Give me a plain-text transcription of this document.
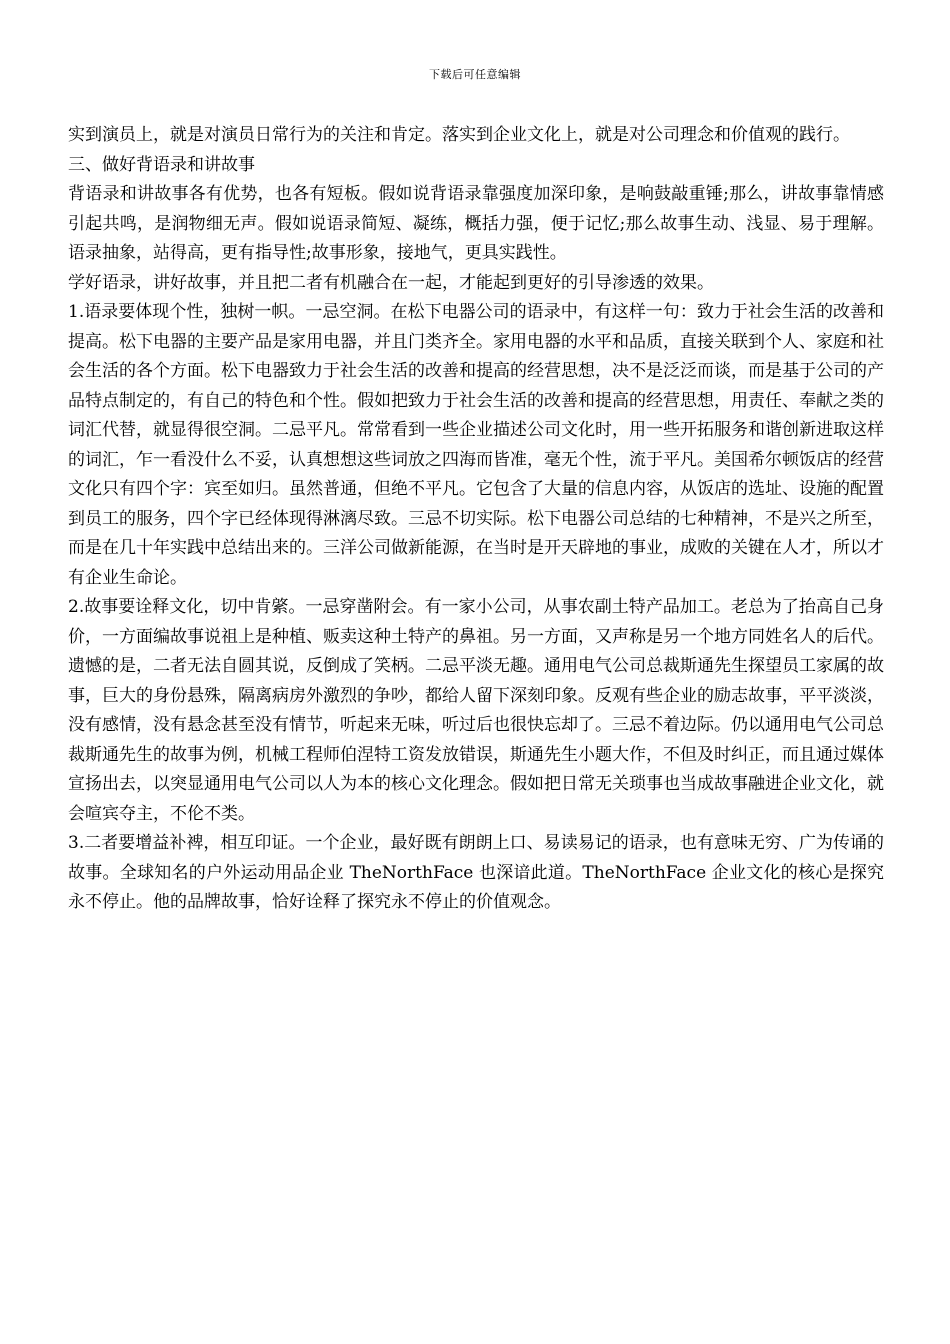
下载后可任意编辑

实到演员上，就是对演员日常行为的关注和肯定。落实到企业文化上，就是对公司理念和价值观的践行。

三、做好背语录和讲故事

背语录和讲故事各有优势，也各有短板。假如说背语录靠强度加深印象，是响鼓敲重锤;那么，讲故事靠情感引起共鸣，是润物细无声。假如说语录简短、凝练，概括力强，便于记忆;那么故事生动、浅显、易于理解。语录抽象，站得高，更有指导性;故事形象，接地气，更具实践性。

学好语录，讲好故事，并且把二者有机融合在一起，才能起到更好的引导渗透的效果。

1.语录要体现个性，独树一帜。一忌空洞。在松下电器公司的语录中，有这样一句：致力于社会生活的改善和提高。松下电器的主要产品是家用电器，并且门类齐全。家用电器的水平和品质，直接关联到个人、家庭和社会生活的各个方面。松下电器致力于社会生活的改善和提高的经营思想，决不是泛泛而谈，而是基于公司的产品特点制定的，有自己的特色和个性。假如把致力于社会生活的改善和提高的经营思想，用责任、奉献之类的词汇代替，就显得很空洞。二忌平凡。常常看到一些企业描述公司文化时，用一些开拓服务和谐创新进取这样的词汇，乍一看没什么不妥，认真想想这些词放之四海而皆准，毫无个性，流于平凡。美国希尔顿饭店的经营文化只有四个字：宾至如归。虽然普通，但绝不平凡。它包含了大量的信息内容，从饭店的选址、设施的配置到员工的服务，四个字已经体现得淋漓尽致。三忌不切实际。松下电器公司总结的七种精神，不是兴之所至，而是在几十年实践中总结出来的。三洋公司做新能源，在当时是开天辟地的事业，成败的关键在人才，所以才有企业生命论。

2.故事要诠释文化，切中肯綮。一忌穿凿附会。有一家小公司，从事农副土特产品加工。老总为了抬高自己身价，一方面编故事说祖上是种植、贩卖这种土特产的鼻祖。另一方面，又声称是另一个地方同姓名人的后代。遗憾的是，二者无法自圆其说，反倒成了笑柄。二忌平淡无趣。通用电气公司总裁斯通先生探望员工家属的故事，巨大的身份悬殊，隔离病房外激烈的争吵，都给人留下深刻印象。反观有些企业的励志故事，平平淡淡，没有感情，没有悬念甚至没有情节，听起来无味，听过后也很快忘却了。三忌不着边际。仍以通用电气公司总裁斯通先生的故事为例，机械工程师伯涅特工资发放错误，斯通先生小题大作，不但及时纠正，而且通过媒体宣扬出去，以突显通用电气公司以人为本的核心文化理念。假如把日常无关琐事也当成故事融进企业文化，就会喧宾夺主，不伦不类。

3.二者要增益补裨，相互印证。一个企业，最好既有朗朗上口、易读易记的语录，也有意味无穷、广为传诵的故事。全球知名的户外运动用品企业 TheNorthFace 也深谙此道。TheNorthFace 企业文化的核心是探究永不停止。他的品牌故事，恰好诠释了探究永不停止的价值观念。
